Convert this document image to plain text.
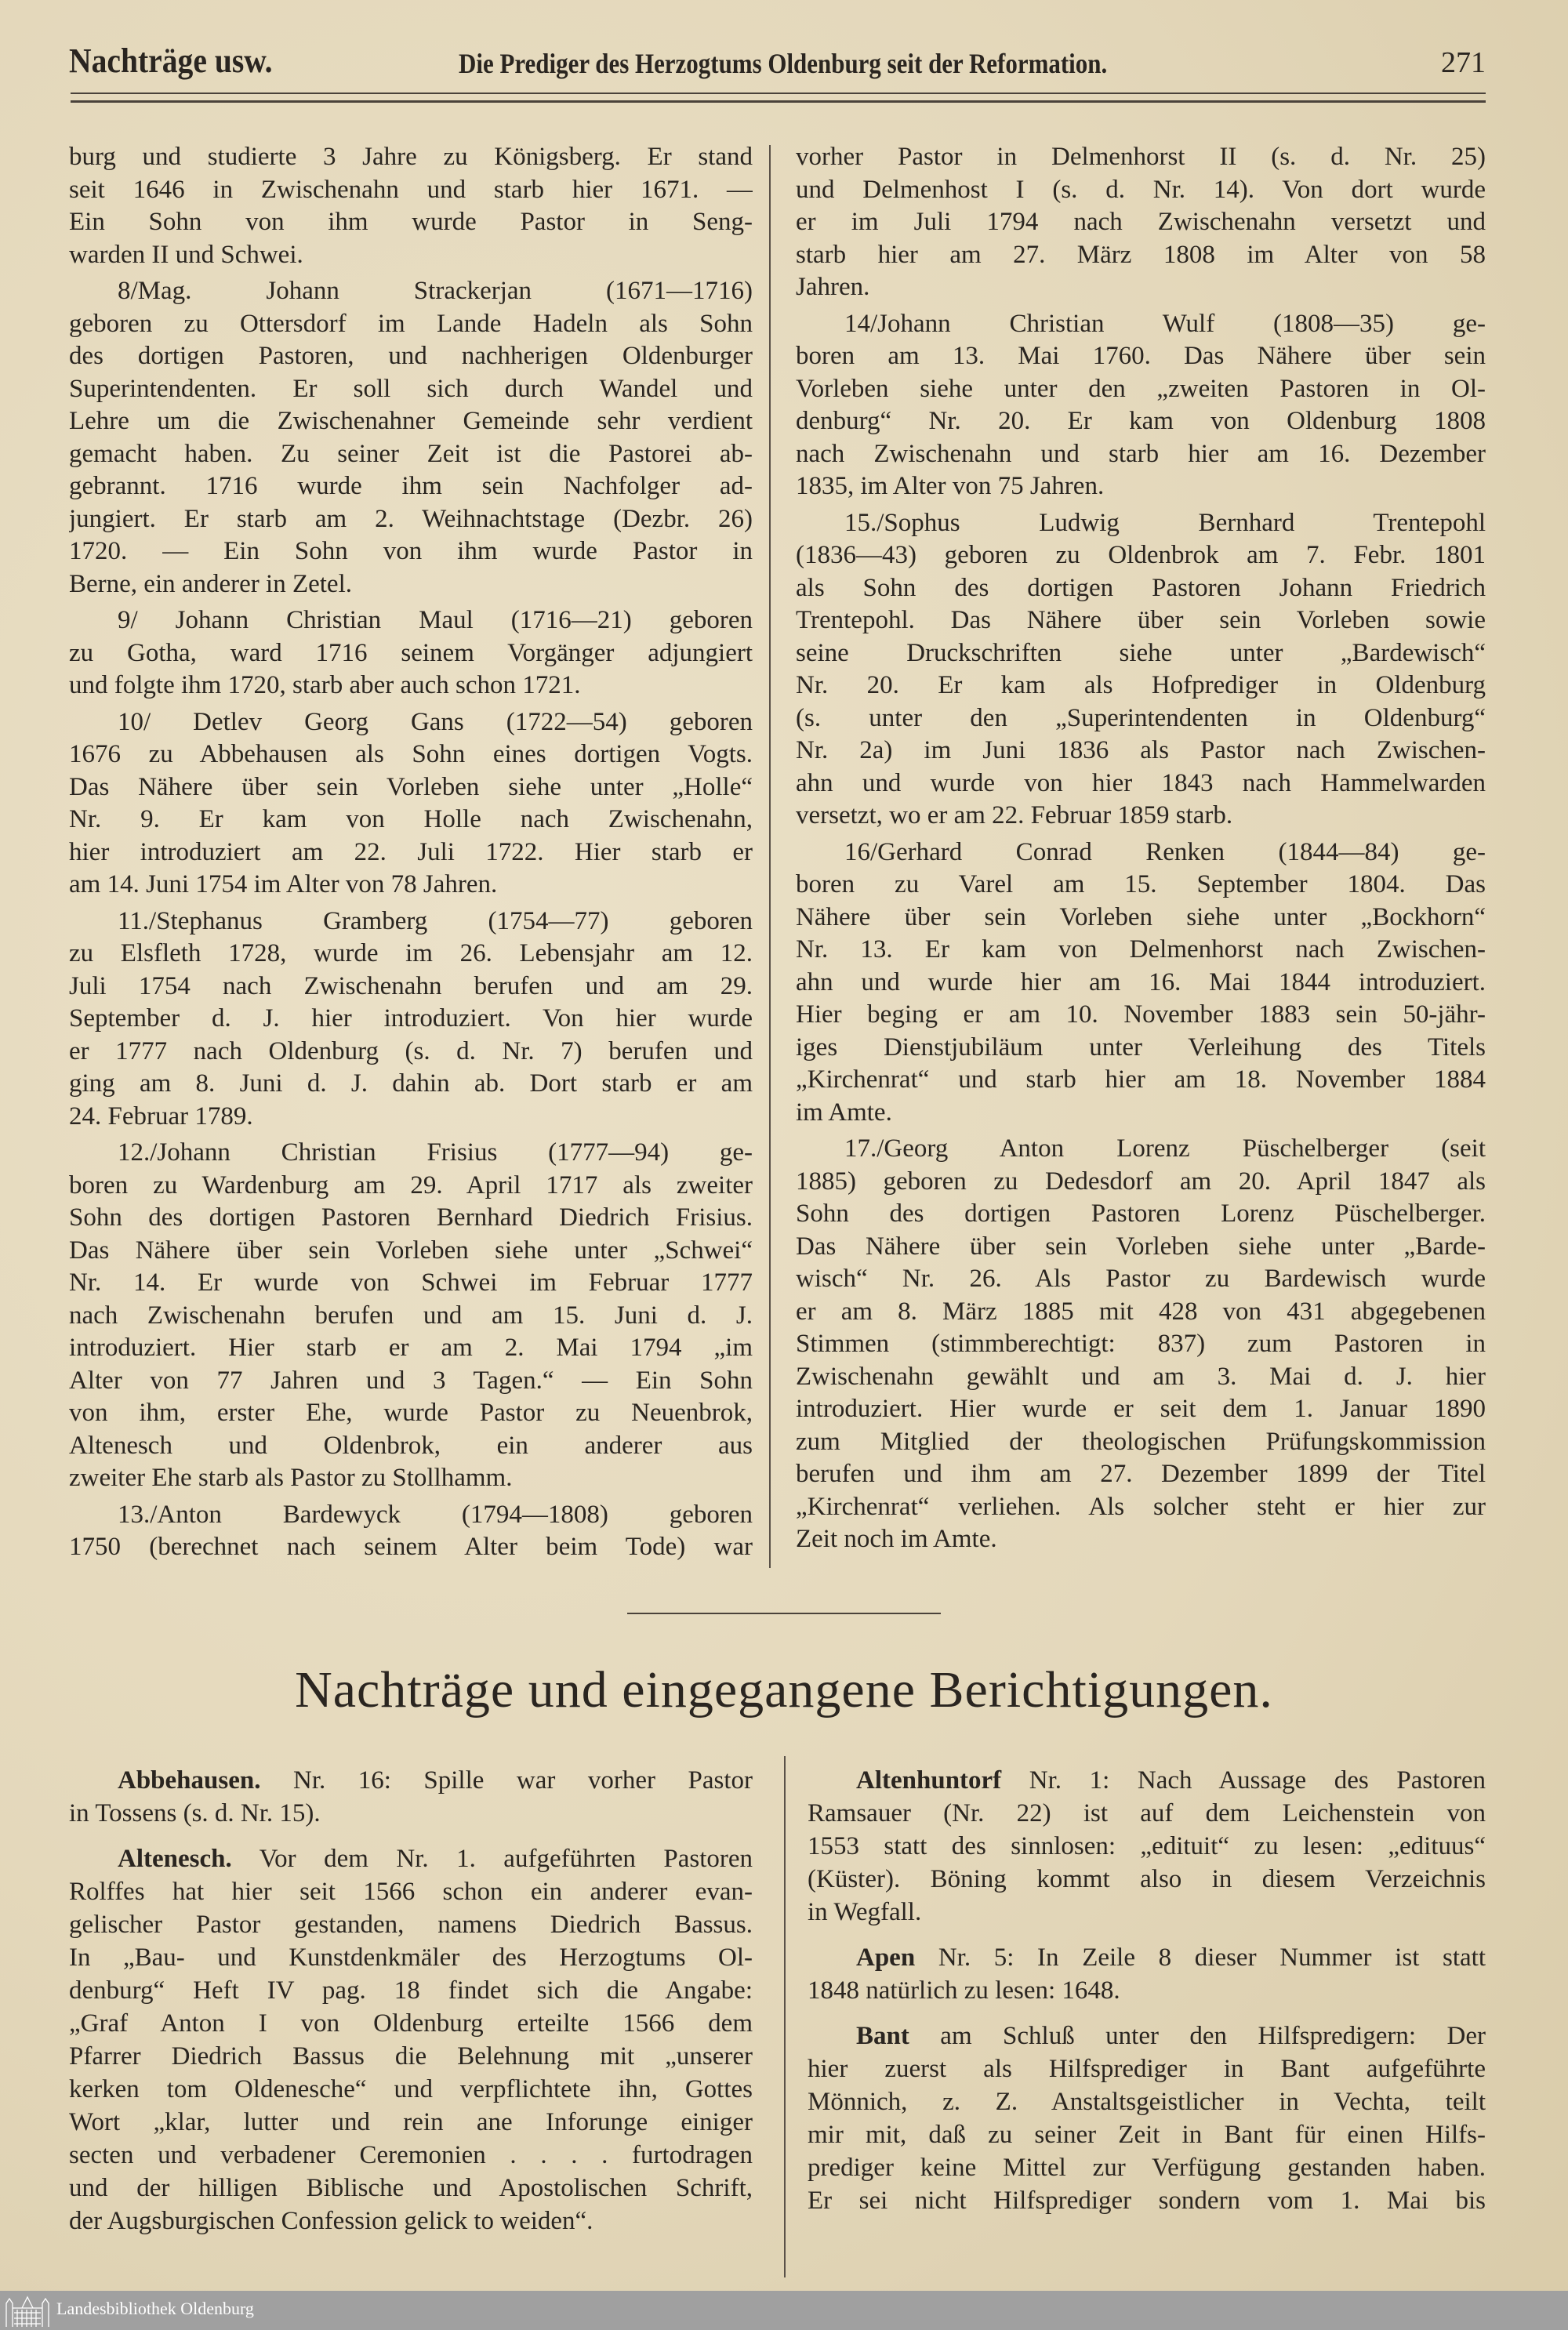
Nachträge usw.	Die Prediger des Herzogtums Oldenburg seit der Reformation.	271
burg und studierte 3 Jahre zu Königsberg. Er stand
seit 1646 in Zwischenahn und starb hier 1671. —
Ein Sohn von ihm wurde Pastor in Seng-
warden II und Schwei.
8/Mag. Johann Strackerjan (1671—1716)
geboren zu Ottersdorf im Lande Hadeln als Sohn
des dortigen Pastoren, und nachherigen Oldenburger
Superintendenten. Er soll sich durch Wandel und
Lehre um die Zwischenahner Gemeinde sehr verdient
gemacht haben. Zu seiner Zeit ist die Pastorei ab-
gebrannt. 1716 wurde ihm sein Nachfolger ad-
jungiert. Er starb am 2. Weihnachtstage (Dezbr. 26)
1720. — Ein Sohn von ihm wurde Pastor in
Berne, ein anderer in Zetel.
9/ Johann Christian Maul (1716—21) geboren
zu Gotha, ward 1716 seinem Vorgänger adjungiert
und folgte ihm 1720, starb aber auch schon 1721.
10/ Detlev Georg Gans (1722—54) geboren
1676 zu Abbehausen als Sohn eines dortigen Vogts.
Das Nähere über sein Vorleben siehe unter „Holle“
Nr. 9. Er kam von Holle nach Zwischenahn,
hier introduziert am 22. Juli 1722. Hier starb er
am 14. Juni 1754 im Alter von 78 Jahren.
11./Stephanus Gramberg (1754—77) geboren
zu Elsfleth 1728, wurde im 26. Lebensjahr am 12.
Juli 1754 nach Zwischenahn berufen und am 29.
September d. J. hier introduziert. Von hier wurde
er 1777 nach Oldenburg (s. d. Nr. 7) berufen und
ging am 8. Juni d. J. dahin ab. Dort starb er am
24. Februar 1789.
12./Johann Christian Frisius (1777—94) ge-
boren zu Wardenburg am 29. April 1717 als zweiter
Sohn des dortigen Pastoren Bernhard Diedrich Frisius.
Das Nähere über sein Vorleben siehe unter „Schwei“
Nr. 14. Er wurde von Schwei im Februar 1777
nach Zwischenahn berufen und am 15. Juni d. J.
introduziert. Hier starb er am 2. Mai 1794 „im
Alter von 77 Jahren und 3 Tagen.“ — Ein Sohn
von ihm, erster Ehe, wurde Pastor zu Neuenbrok,
Altenesch und Oldenbrok, ein anderer aus
zweiter Ehe starb als Pastor zu Stollhamm.
13./Anton Bardewyck (1794—1808) geboren
1750 (berechnet nach seinem Alter beim Tode) war
vorher Pastor in Delmenhorst II (s. d. Nr. 25)
und Delmenhost I (s. d. Nr. 14). Von dort wurde
er im Juli 1794 nach Zwischenahn versetzt und
starb hier am 27. März 1808 im Alter von 58
Jahren.
14/Johann Christian Wulf (1808—35) ge-
boren am 13. Mai 1760. Das Nähere über sein
Vorleben siehe unter den „zweiten Pastoren in Ol-
denburg“ Nr. 20. Er kam von Oldenburg 1808
nach Zwischenahn und starb hier am 16. Dezember
1835, im Alter von 75 Jahren.
15./Sophus Ludwig Bernhard Trentepohl
(1836—43) geboren zu Oldenbrok am 7. Febr. 1801
als Sohn des dortigen Pastoren Johann Friedrich
Trentepohl. Das Nähere über sein Vorleben sowie
seine Druckschriften siehe unter „Bardewisch“
Nr. 20. Er kam als Hofprediger in Oldenburg
(s. unter den „Superintendenten in Oldenburg“
Nr. 2a) im Juni 1836 als Pastor nach Zwischen-
ahn und wurde von hier 1843 nach Hammelwarden
versetzt, wo er am 22. Februar 1859 starb.
16/Gerhard Conrad Renken (1844—84) ge-
boren zu Varel am 15. September 1804. Das
Nähere über sein Vorleben siehe unter „Bockhorn“
Nr. 13. Er kam von Delmenhorst nach Zwischen-
ahn und wurde hier am 16. Mai 1844 introduziert.
Hier beging er am 10. November 1883 sein 50-jähr-
iges Dienstjubiläum unter Verleihung des Titels
„Kirchenrat“ und starb hier am 18. November 1884
im Amte.
17./Georg Anton Lorenz Püschelberger (seit
1885) geboren zu Dedesdorf am 20. April 1847 als
Sohn des dortigen Pastoren Lorenz Püschelberger.
Das Nähere über sein Vorleben siehe unter „Barde-
wisch“ Nr. 26. Als Pastor zu Bardewisch wurde
er am 8. März 1885 mit 428 von 431 abgegebenen
Stimmen (stimmberechtigt: 837) zum Pastoren in
Zwischenahn gewählt und am 3. Mai d. J. hier
introduziert. Hier wurde er seit dem 1. Januar 1890
zum Mitglied der theologischen Prüfungskommission
berufen und ihm am 27. Dezember 1899 der Titel
„Kirchenrat“ verliehen. Als solcher steht er hier zur
Zeit noch im Amte.
Nachträge und eingegangene Berichtigungen.
Abbehausen. Nr. 16: Spille war vorher Pastor
in Tossens (s. d. Nr. 15).
Altenesch. Vor dem Nr. 1. aufgeführten Pastoren
Rolffes hat hier seit 1566 schon ein anderer evan-
gelischer Pastor gestanden, namens Diedrich Bassus.
In „Bau- und Kunstdenkmäler des Herzogtums Ol-
denburg“ Heft IV pag. 18 findet sich die Angabe:
„Graf Anton I von Oldenburg erteilte 1566 dem
Pfarrer Diedrich Bassus die Belehnung mit „unserer
kerken tom Oldenesche“ und verpflichtete ihn, Gottes
Wort „klar, lutter und rein ane Inforunge einiger
secten und verbadener Ceremonien . . . . furtodragen
und der hilligen Biblische und Apostolischen Schrift,
der Augsburgischen Confession gelick to weiden“.
Altenhuntorf Nr. 1: Nach Aussage des Pastoren
Ramsauer (Nr. 22) ist auf dem Leichenstein von
1553 statt des sinnlosen: „edituit“ zu lesen: „edituus“
(Küster). Böning kommt also in diesem Verzeichnis
in Wegfall.
Apen Nr. 5: In Zeile 8 dieser Nummer ist statt
1848 natürlich zu lesen: 1648.
Bant am Schluß unter den Hilfspredigern: Der
hier zuerst als Hilfsprediger in Bant aufgeführte
Mönnich, z. Z. Anstaltsgeistlicher in Vechta, teilt
mir mit, daß zu seiner Zeit in Bant für einen Hilfs-
prediger keine Mittel zur Verfügung gestanden haben.
Er sei nicht Hilfsprediger sondern vom 1. Mai bis
Landesbibliothek Oldenburg
